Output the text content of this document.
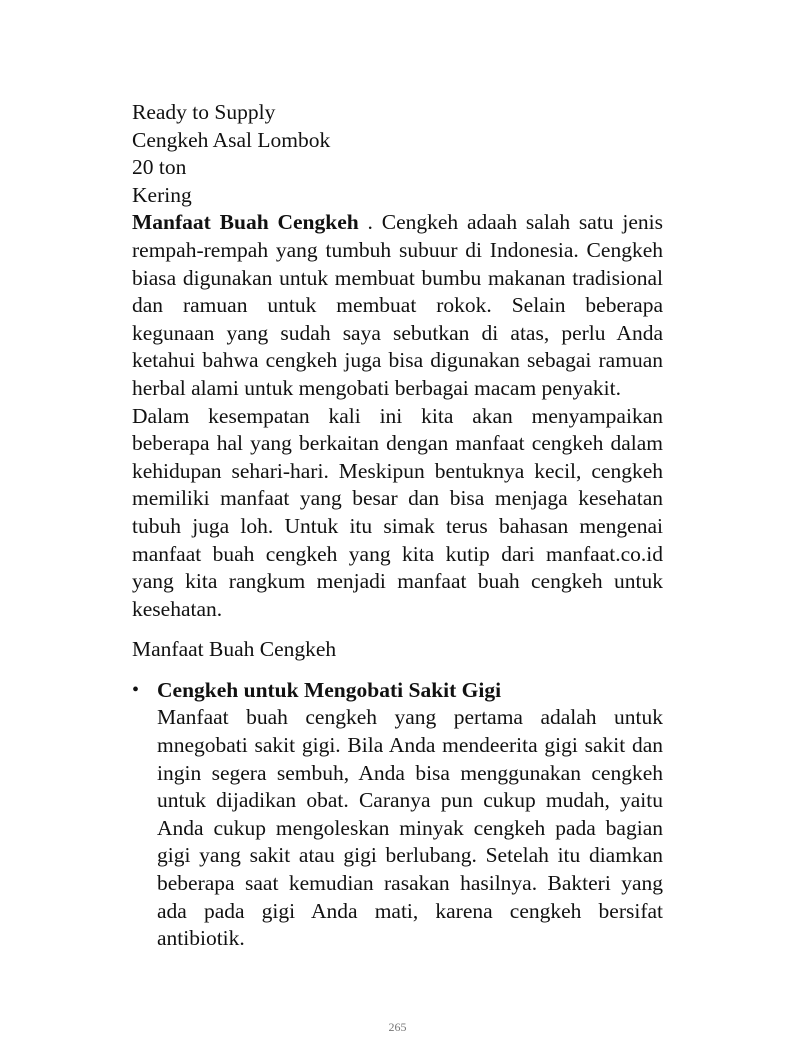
Ready to Supply
Cengkeh Asal Lombok
20 ton
Kering

Manfaat Buah Cengkeh . Cengkeh adaah salah satu jenis rempah-rempah yang tumbuh subuur di Indonesia. Cengkeh biasa digunakan untuk membuat bumbu makanan tradisional dan ramuan untuk membuat rokok. Selain beberapa kegunaan yang sudah saya sebutkan di atas, perlu Anda ketahui bahwa cengkeh juga bisa digunakan sebagai ramuan herbal alami untuk mengobati berbagai macam penyakit.

Dalam kesempatan kali ini kita akan menyampaikan beberapa hal yang berkaitan dengan manfaat cengkeh dalam kehidupan sehari-hari. Meskipun bentuknya kecil, cengkeh memiliki manfaat yang besar dan bisa menjaga kesehatan tubuh juga loh. Untuk itu simak terus bahasan mengenai manfaat buah cengkeh yang kita kutip dari manfaat.co.id yang kita rangkum menjadi manfaat buah cengkeh untuk kesehatan.

Manfaat Buah Cengkeh
• Cengkeh untuk Mengobati Sakit Gigi

Manfaat buah cengkeh yang pertama adalah untuk mnegobati sakit gigi. Bila Anda mendeerita gigi sakit dan ingin segera sembuh, Anda bisa menggunakan cengkeh untuk dijadikan obat. Caranya pun cukup mudah, yaitu Anda cukup mengoleskan minyak cengkeh pada bagian gigi yang sakit atau gigi berlubang. Setelah itu diamkan beberapa saat kemudian rasakan hasilnya. Bakteri yang ada pada gigi Anda mati, karena cengkeh bersifat antibiotik.

265
